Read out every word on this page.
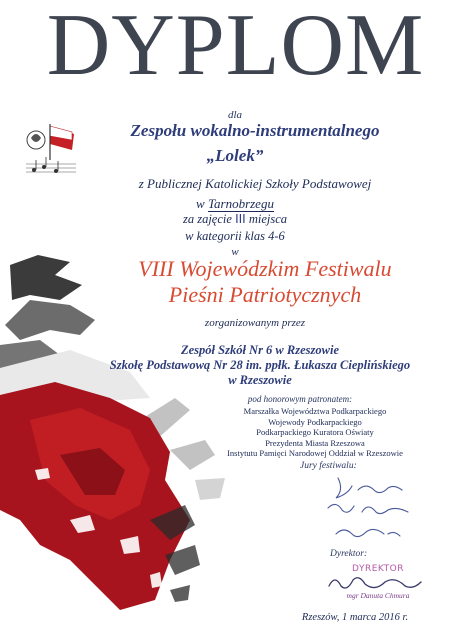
DYPLOM
dla
Zespołu wokalno-instrumentalnego
„Lolek”
z Publicznej Katolickiej Szkoły Podstawowej
w Tarnobrzegu
za zajęcie III miejsca
w kategorii klas 4-6
w
VIII Wojewódzkim Festiwalu
Pieśni Patriotycznych
zorganizowanym przez
Zespół Szkół Nr 6 w Rzeszowie
Szkołę Podstawową Nr 28 im. ppłk. Łukasza Cieplińskiego
w Rzeszowie
pod honorowym patronatem:
Marszałka Województwa Podkarpackiego
Wojewody Podkarpackiego
Podkarpackiego Kuratora Oświaty
Prezydenta Miasta Rzeszowa
Instytutu Pamięci Narodowej Oddział w Rzeszowie
Jury festiwalu:
Dyrektor:
DYREKTOR
mgr Danuta Chmura
Rzeszów, 1 marca 2016 r.
